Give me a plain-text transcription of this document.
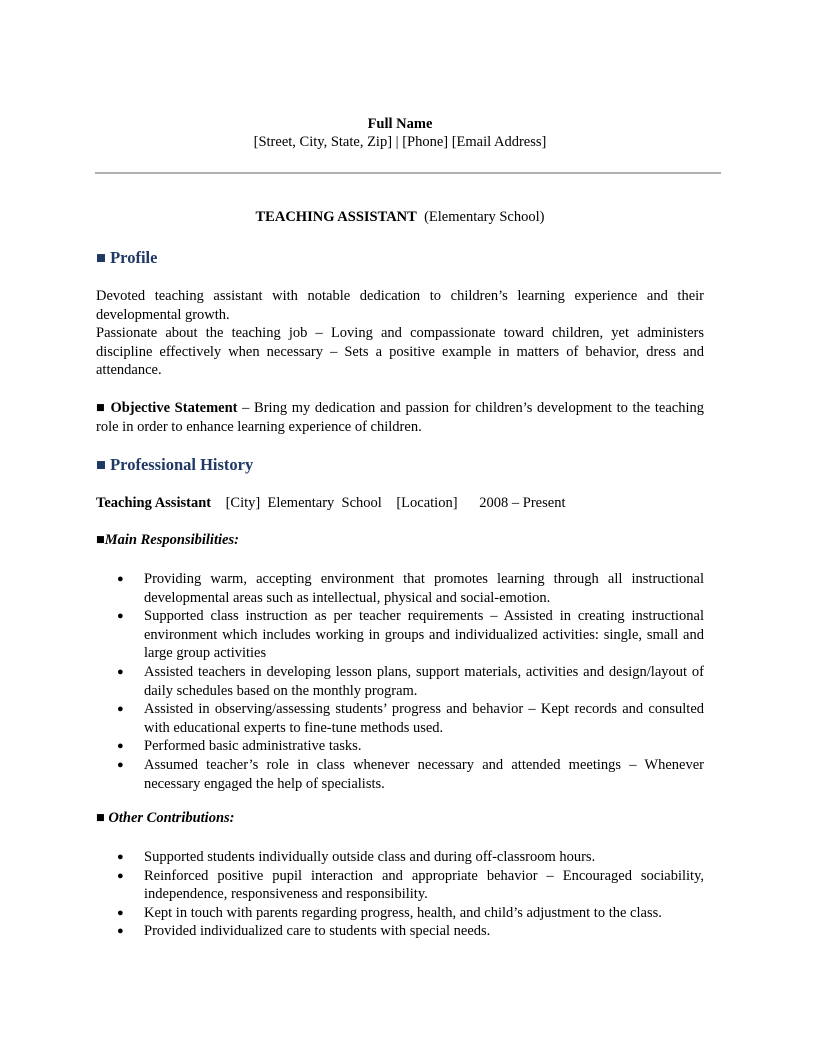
Full Name
[Street, City, State, Zip] | [Phone] [Email Address]
TEACHING ASSISTANT (Elementary School)
■ Profile

Devoted teaching assistant with notable dedication to children’s learning experience and their developmental growth.

Passionate about the teaching job – Loving and compassionate toward children, yet administers discipline effectively when necessary – Sets a positive example in matters of behavior, dress and attendance.

■ Objective Statement – Bring my dedication and passion for children’s development to the teaching role in order to enhance learning experience of children.

■ Professional History
Teaching Assistant [City]  Elementary  School    [Location] 2008 – Present
■Main Responsibilities:
● Providing warm, accepting environment that promotes learning through all instructional developmental areas such as intellectual, physical and social-emotion.
● Supported class instruction as per teacher requirements – Assisted in creating instructional environment which includes working in groups and individualized activities: single, small and large group activities
● Assisted teachers in developing lesson plans, support materials, activities and design/layout of daily schedules based on the monthly program.
● Assisted in observing/assessing students’ progress and behavior – Kept records and consulted with educational experts to fine-tune methods used.
● Performed basic administrative tasks.
● Assumed teacher’s role in class whenever necessary and attended meetings – Whenever necessary engaged the help of specialists.
■ Other Contributions:
● Supported students individually outside class and during off-classroom hours.
● Reinforced positive pupil interaction and appropriate behavior – Encouraged sociability, independence, responsiveness and responsibility.
● Kept in touch with parents regarding progress, health, and child’s adjustment to the class.
● Provided individualized care to students with special needs.
